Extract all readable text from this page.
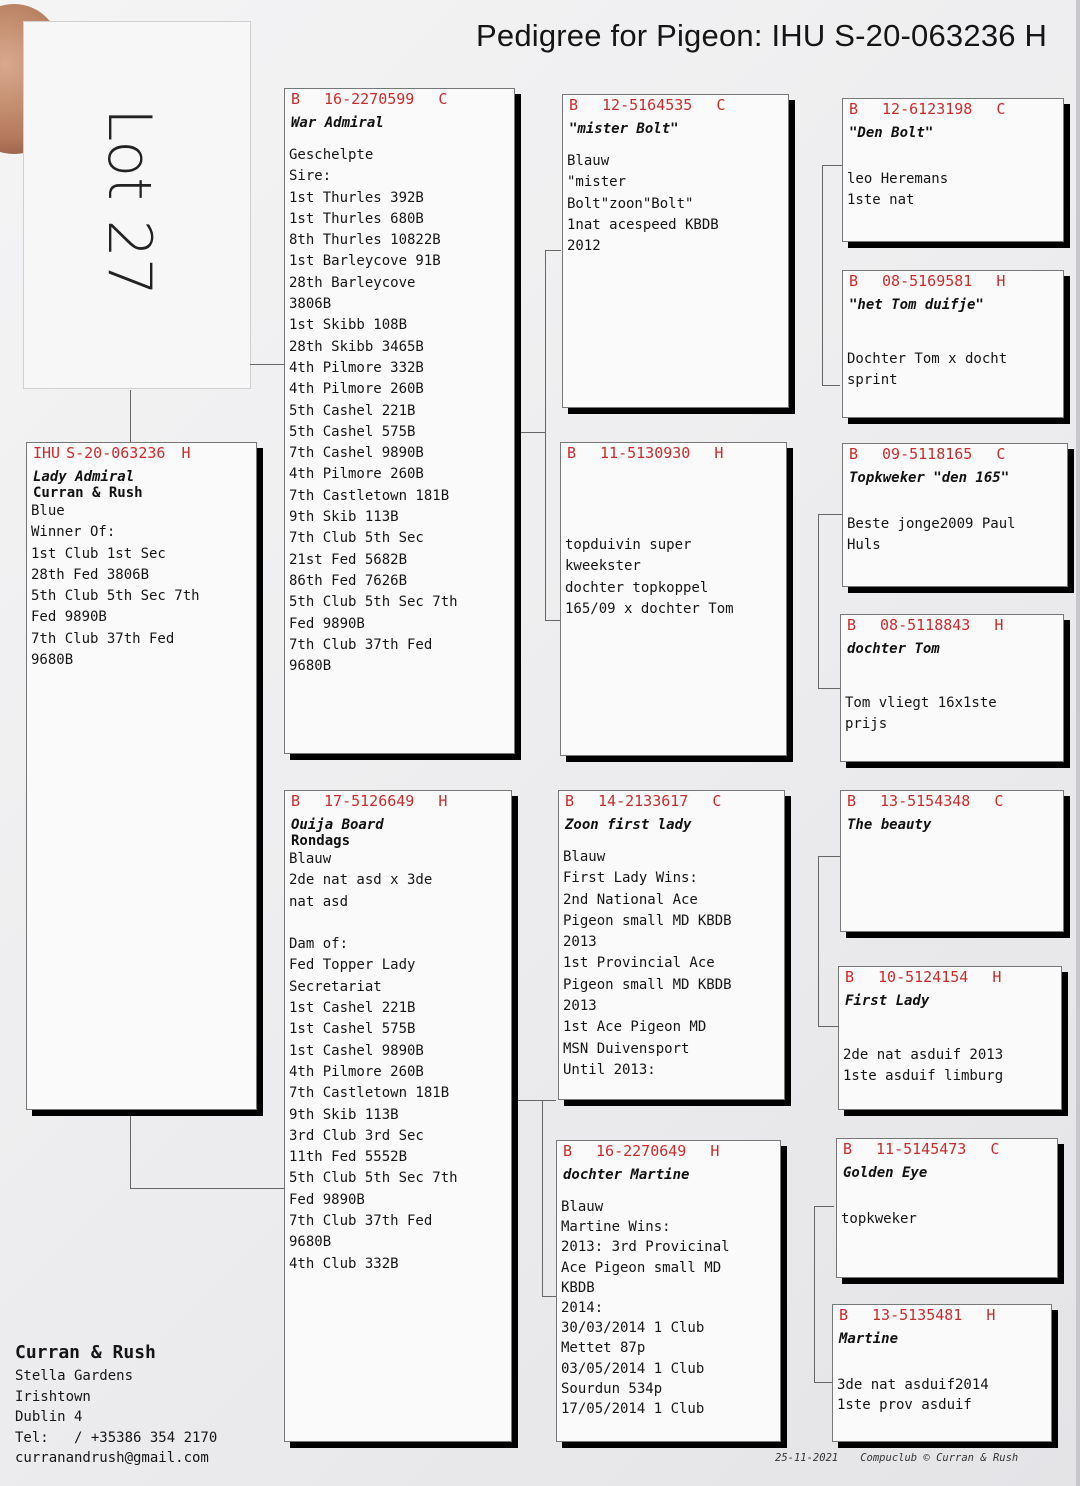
Lot 27
Pedigree for Pigeon: IHU S-20-063236 H
IHU S-20-063236 H
Lady Admiral
Curran & Rush
Blue
Winner Of:
1st Club 1st Sec
28th Fed 3806B
5th Club 5th Sec 7th
Fed 9890B
7th Club 37th Fed
9680B
B 16-2270599 C
War Admiral
Geschelpte
Sire:
1st Thurles 392B
1st Thurles 680B
8th Thurles 10822B
1st Barleycove 91B
28th Barleycove
3806B
1st Skibb 108B
28th Skibb 3465B
4th Pilmore 332B
4th Pilmore 260B
5th Cashel 221B
5th Cashel 575B
7th Cashel 9890B
4th Pilmore 260B
7th Castletown 181B
9th Skib 113B
7th Club 5th Sec
21st Fed 5682B
86th Fed 7626B
5th Club 5th Sec 7th
Fed 9890B
7th Club 37th Fed
9680B
B 17-5126649 H
Ouija Board
Rondags
Blauw
2de nat asd x 3de
nat asd

Dam of:
Fed Topper Lady
Secretariat
1st Cashel 221B
1st Cashel 575B
1st Cashel 9890B
4th Pilmore 260B
7th Castletown 181B
9th Skib 113B
3rd Club 3rd Sec
11th Fed 5552B
5th Club 5th Sec 7th
Fed 9890B
7th Club 37th Fed
9680B
4th Club 332B
B 12-5164535 C
"mister Bolt"
Blauw
"mister
Bolt"zoon"Bolt"
1nat acespeed KBDB
2012
B 11-5130930 H
topduivin super
kweekster
dochter topkoppel
165/09 x dochter Tom
B 14-2133617 C
Zoon first lady
Blauw
First Lady Wins:
2nd National Ace
Pigeon small MD KBDB
2013
1st Provincial Ace
Pigeon small MD KBDB
2013
1st Ace Pigeon MD
MSN Duivensport
Until 2013:
B 16-2270649 H
dochter Martine
Blauw
Martine Wins:
2013: 3rd Provicinal
Ace Pigeon small MD
KBDB
2014:
30/03/2014 1 Club
Mettet 87p
03/05/2014 1 Club
Sourdun 534p
17/05/2014 1 Club
B 12-6123198 C
"Den Bolt"
leo Heremans
1ste nat
B 08-5169581 H
"het Tom duifje"
Dochter Tom x docht
sprint
B 09-5118165 C
Topkweker "den 165"
Beste jonge2009 Paul
Huls
B 08-5118843 H
dochter Tom
Tom vliegt 16x1ste
prijs
B 13-5154348 C
The beauty
B 10-5124154 H
First Lady
2de nat asduif 2013
1ste asduif limburg
B 11-5145473 C
Golden Eye
topkweker
B 13-5135481 H
Martine
3de nat asduif2014
1ste prov asduif
Curran & Rush
Stella Gardens
Irishtown
Dublin 4
Tel:   / +35386 354 2170
curranandrush@gmail.com	25-11-2021 Compuclub © Curran & Rush
